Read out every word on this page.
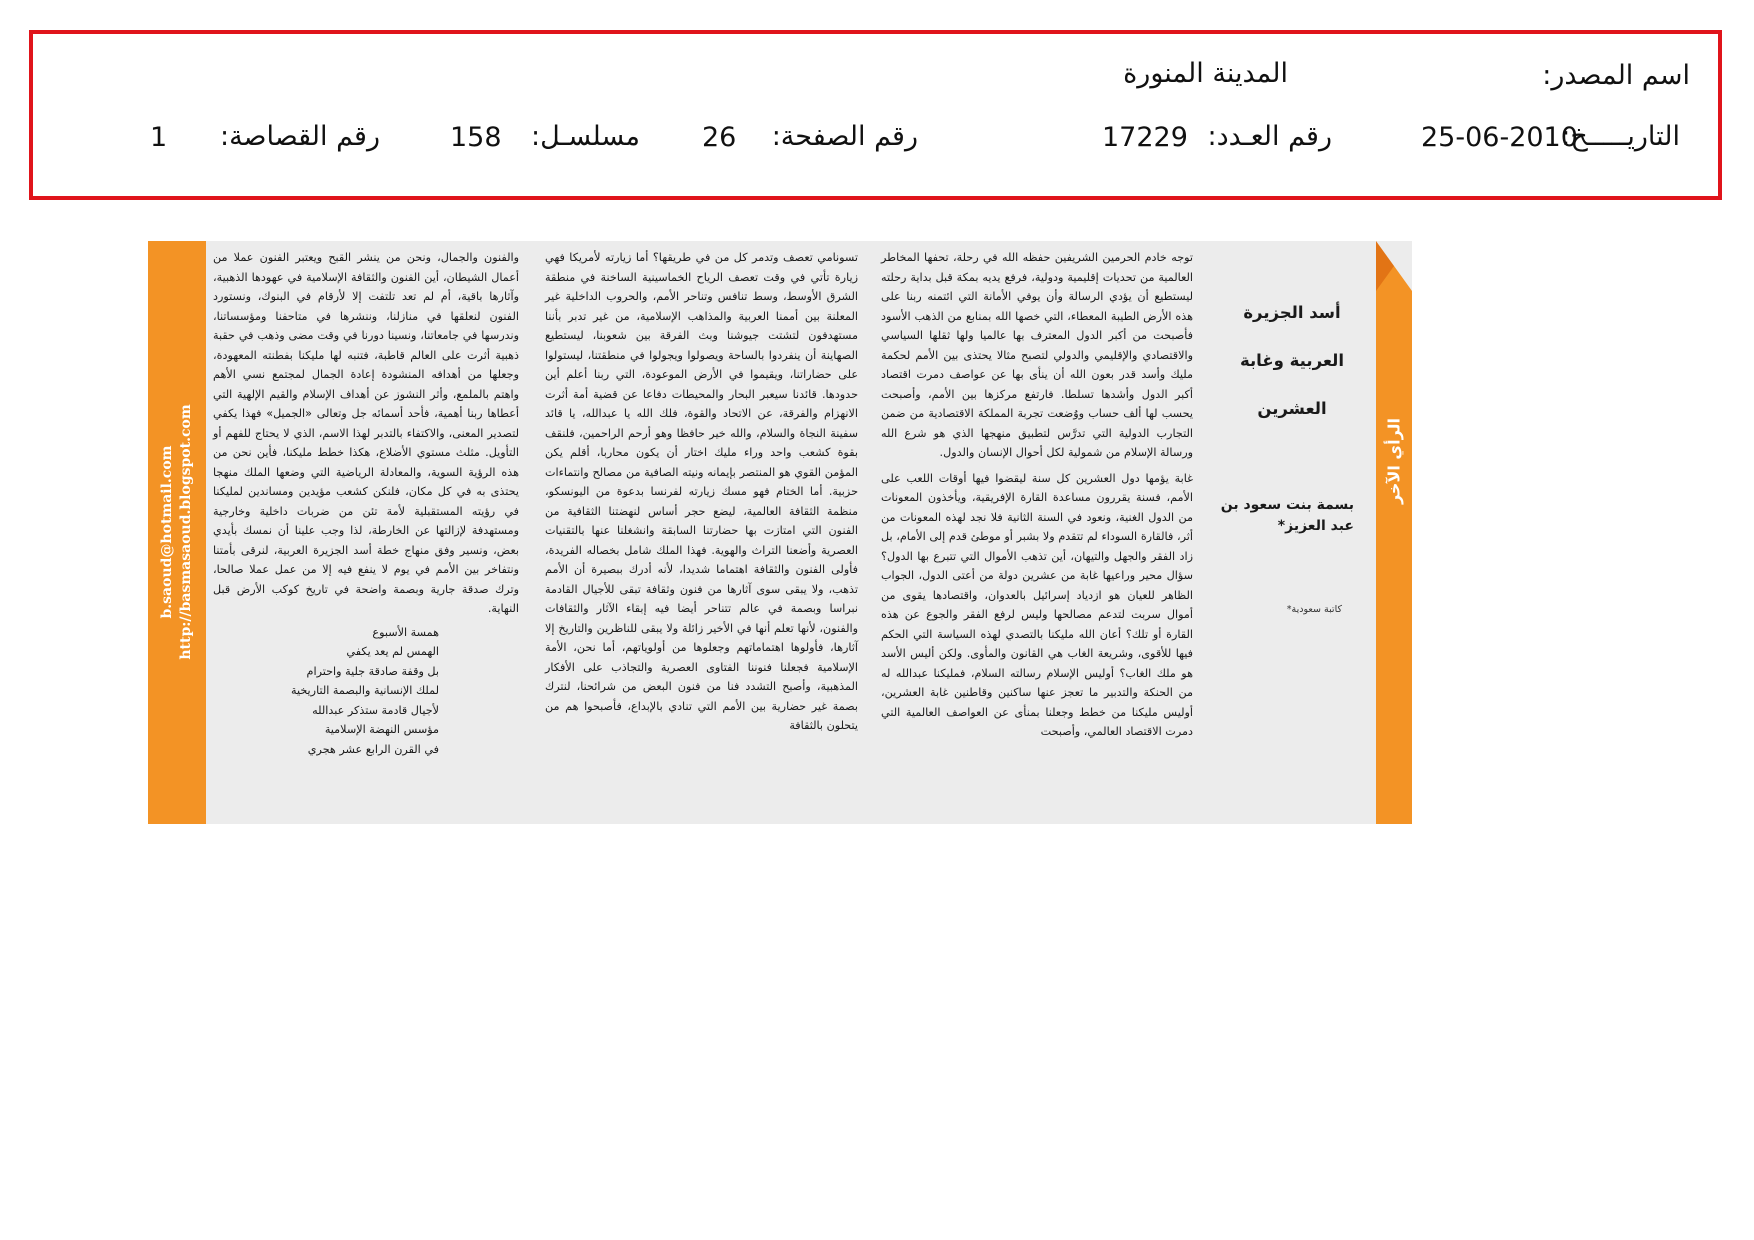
اسم المصدر:
المدينة المنورة
التاريـــــخ:
25-06-2010
رقم العـدد:
17229
رقم الصفحة:
26
مسلسـل:
158
رقم القصاصة:
1
b.saoud@hotmail.com http://basmasaoud.blogspot.com

والفنون والجمال، ونحن من ينشر القبح ويعتبر الفنون عملا من أعمال الشيطان، أين الفنون والثقافة الإسلامية في عهودها الذهبية، وآثارها باقية، أم لم تعد تلتفت إلا لأرقام في البنوك، ونستورد الفنون لنعلقها في منازلنا، وننشرها في متاحفنا ومؤسساتنا، وندرسها في جامعاتنا، ونسينا دورنا في وقت مضى وذهب في حقبة ذهبية أثرت على العالم قاطبة، فتنبه لها مليكنا بفطنته المعهودة، وجعلها من أهدافه المنشودة إعادة الجمال لمجتمع نسي الأهم واهتم بالملمع، وأثر النشوز عن أهداف الإسلام والقيم الإلهية التي أعطاها ربنا أهمية، فأحد أسمائه جل وتعالى «الجميل» فهذا يكفي لتصدير المعنى، والاكتفاء بالتدبر لهذا الاسم، الذي لا يحتاج للفهم أو التأويل. مثلث مستوي الأضلاع، هكذا خطط مليكنا، فأين نحن من هذه الرؤية السوية، والمعادلة الرياضية التي وضعها الملك منهجا يحتذى به في كل مكان، فلنكن كشعب مؤيدين ومساندين لمليكنا في رؤيته المستقبلية لأمة تئن من ضربات داخلية وخارجية ومستهدفة لإزالتها عن الخارطة، لذا وجب علينا أن نمسك بأيدي بعض، ونسير وفق منهاج خطة أسد الجزيرة العربية، لنرقى بأمتنا ونتفاخر بين الأمم في يوم لا ينفع فيه إلا من عمل عملا صالحا، وترك صدقة جارية وبصمة واضحة في تاريخ كوكب الأرض قبل النهاية.

همسة الأسبوع
الهمس لم يعد يكفي
بل وقفة صادقة جلية واحترام
لملك الإنسانية والبصمة التاريخية
لأجيال قادمة ستذكر عبدالله
مؤسس النهضة الإسلامية
في القرن الرابع عشر هجري

تسونامي تعصف وتدمر كل من في طريقها؟ أما زيارته لأمريكا فهي زيارة تأتي في وقت تعصف الرياح الخماسينية الساخنة في منطقة الشرق الأوسط، وسط تنافس وتناحر الأمم، والحروب الداخلية غير المعلنة بين أممنا العربية والمذاهب الإسلامية، من غير تدبر بأننا مستهدفون لتشتت جيوشنا وبث الفرقة بين شعوبنا، ليستطيع الصهاينة أن ينفردوا بالساحة ويصولوا ويجولوا في منطقتنا، ليستولوا على حضاراتنا، ويقيموا في الأرض الموعودة، التي ربنا أعلم أين حدودها. قائدنا سيعبر البحار والمحيطات دفاعا عن قضية أمة أثرت الانهزام والفرقة، عن الاتحاد والقوة، فلك الله يا عبدالله، يا قائد سفينة النجاة والسلام، والله خير حافظا وهو أرحم الراحمين، فلنقف بقوة كشعب واحد وراء مليك اختار أن يكون محاربا، أقلم يكن المؤمن القوي هو المنتصر بإيمانه ونيته الصافية من مصالح وانتماءات حزبية. أما الختام فهو مسك زيارته لفرنسا بدعوة من اليونسكو، منظمة الثقافة العالمية، ليضع حجر أساس لنهضتنا الثقافية من الفنون التي امتازت بها حضارتنا السابقة وانشغلنا عنها بالتقنيات العصرية وأضعنا التراث والهوية. فهذا الملك شامل بخصاله الفريدة، فأولى الفنون والثقافة اهتماما شديدا، لأنه أدرك ببصيرة أن الأمم تذهب، ولا يبقى سوى آثارها من فنون وثقافة تبقى للأجيال القادمة نبراسا وبصمة في عالم تتناحر أيضا فيه إبقاء الآثار والثقافات والفنون، لأنها تعلم أنها في الأخير زائلة ولا يبقى للناظرين والتاريخ إلا آثارها، فأولوها اهتماماتهم وجعلوها من أولوياتهم، أما نحن، الأمة الإسلامية فجعلنا فنوننا الفتاوى العصرية والتجاذب على الأفكار المذهبية، وأصبح التشدد فنا من فنون البعض من شرائحنا، لنترك بصمة غير حضارية بين الأمم التي تنادي بالإبداع، فأصبحوا هم من يتحلون بالثقافة

توجه خادم الحرمين الشريفين حفظه الله في رحلة، تحفها المخاطر العالمية من تحديات إقليمية ودولية، فرفع يديه بمكة قبل بداية رحلته ليستطيع أن يؤدي الرسالة وأن يوفي الأمانة التي ائتمنه ربنا على هذه الأرض الطيبة المعطاء، التي خصها الله بمنابع من الذهب الأسود فأصبحت من أكبر الدول المعترف بها عالميا ولها ثقلها السياسي والاقتصادي والإقليمي والدولي لتصبح مثالا يحتذى بين الأمم لحكمة مليك وأسد قدر بعون الله أن ينأى بها عن عواصف دمرت اقتصاد أكبر الدول وأشدها تسلطا. فارتفع مركزها بين الأمم، وأصبحت يحسب لها ألف حساب ووُضعت تجربة المملكة الاقتصادية من ضمن التجارب الدولية التي تدرَّس لتطبيق منهجها الذي هو شرع الله ورسالة الإسلام من شمولية لكل أحوال الإنسان والدول.

غابة يؤمها دول العشرين كل سنة ليقضوا فيها أوقات اللعب على الأمم، فسنة يقررون مساعدة القارة الإفريقية، ويأخذون المعونات من الدول الغنية، ونعود في السنة الثانية فلا نجد لهذه المعونات من أثر، فالقارة السوداء لم تتقدم ولا بشبر أو موطئ قدم إلى الأمام، بل زاد الفقر والجهل والتيهان، أين تذهب الأموال التي تتبرع بها الدول؟ سؤال محير وراعيها غابة من عشرين دولة من أعتى الدول، الجواب الظاهر للعيان هو ازدياد إسرائيل بالعدوان، واقتصادها يقوى من أموال سربت لتدعم مصالحها وليس لرفع الفقر والجوع عن هذه القارة أو تلك؟ أعان الله مليكنا بالتصدي لهذه السياسة التي الحكم فيها للأقوى، وشريعة الغاب هي القانون والمأوى. ولكن أليس الأسد هو ملك الغاب؟ أوليس الإسلام رسالته السلام، فمليكنا عبدالله له من الحنكة والتدبير ما تعجز عنها ساكنين وقاطنين غابة العشرين، أوليس مليكنا من خطط وجعلنا بمنأى عن العواصف العالمية التي دمرت الاقتصاد العالمي، وأصبحت

أسد الجزيرة
العربية وغابة
العشرين
بسمة بنت سعود بن عبد العزيز*
كاتبة سعودية*
الرأي الآخر
